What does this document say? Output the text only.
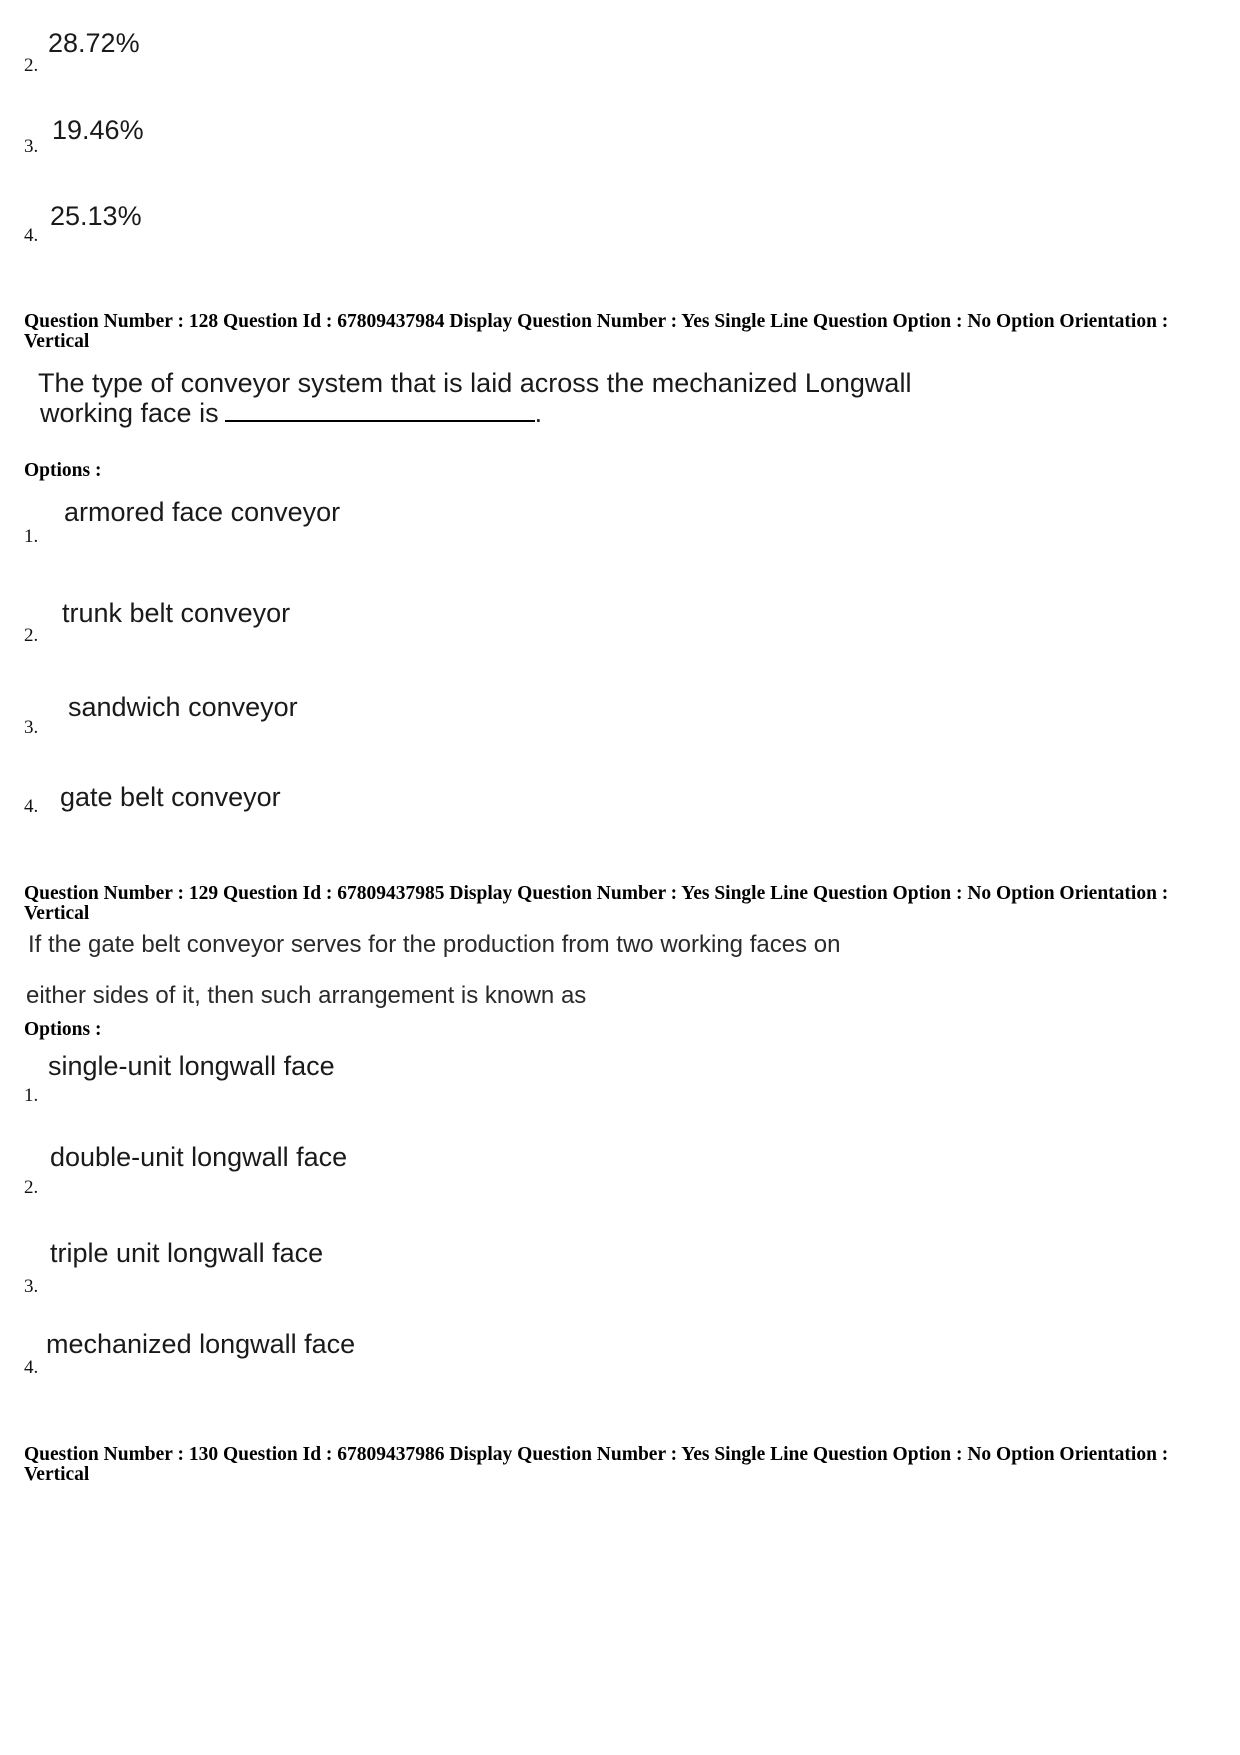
2.
28.72%
3.
19.46%
4.
25.13%
Question Number : 128 Question Id : 67809437984 Display Question Number : Yes Single Line Question Option : No Option Orientation : Vertical
The type of conveyor system that is laid across the mechanized Longwall
working face is	.
Options :
1.
armored face conveyor
2.
trunk belt conveyor
3.
sandwich conveyor
4. gate belt conveyor
Question Number : 129 Question Id : 67809437985 Display Question Number : Yes Single Line Question Option : No Option Orientation : Vertical
If the gate belt conveyor serves for the production from two working faces on
either sides of it, then such arrangement is known as
Options :
1.
single-unit longwall face
2.
double-unit longwall face
3.
triple unit longwall face
4.
mechanized longwall face
Question Number : 130 Question Id : 67809437986 Display Question Number : Yes Single Line Question Option : No Option Orientation : Vertical
